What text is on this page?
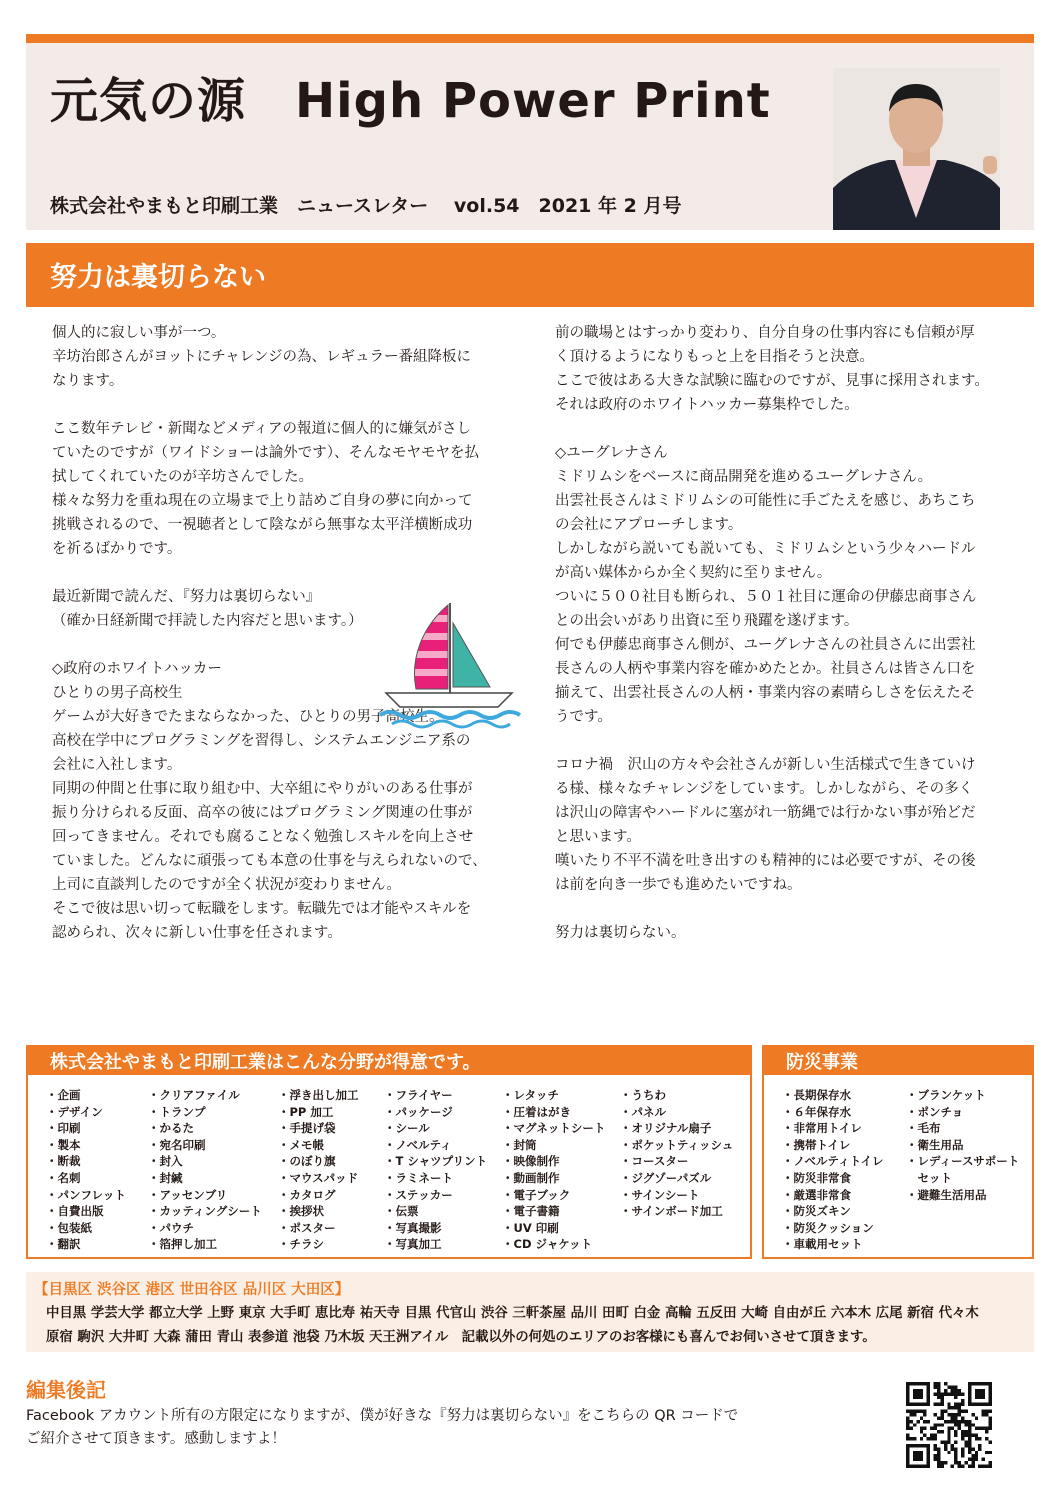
元気の源　High Power Print
株式会社やまもと印刷工業　ニュースレター　 vol.54　2021 年 2 月号
努力は裏切らない
個人的に寂しい事が一つ。
辛坊治郎さんがヨットにチャレンジの為、レギュラー番組降板に
なります。
ここ数年テレビ・新聞などメディアの報道に個人的に嫌気がさし
ていたのですが（ワイドショーは論外です）、そんなモヤモヤを払
拭してくれていたのが辛坊さんでした。
様々な努力を重ね現在の立場まで上り詰めご自身の夢に向かって
挑戦されるので、一視聴者として陰ながら無事な太平洋横断成功
を祈るばかりです。
最近新聞で読んだ、『努力は裏切らない』
（確か日経新聞で拝読した内容だと思います。）
◇政府のホワイトハッカー
ひとりの男子高校生
ゲームが大好きでたまならなかった、ひとりの男子高校生。
高校在学中にプログラミングを習得し、システムエンジニア系の
会社に入社します。
同期の仲間と仕事に取り組む中、大卒組にやりがいのある仕事が
振り分けられる反面、高卒の彼にはプログラミング関連の仕事が
回ってきません。それでも腐ることなく勉強しスキルを向上させ
ていました。どんなに頑張っても本意の仕事を与えられないので、
上司に直談判したのですが全く状況が変わりません。
そこで彼は思い切って転職をします。転職先では才能やスキルを
認められ、次々に新しい仕事を任されます。
前の職場とはすっかり変わり、自分自身の仕事内容にも信頼が厚
く頂けるようになりもっと上を目指そうと決意。
ここで彼はある大きな試験に臨むのですが、見事に採用されます。
それは政府のホワイトハッカー募集枠でした。
◇ユーグレナさん
ミドリムシをベースに商品開発を進めるユーグレナさん。
出雲社長さんはミドリムシの可能性に手ごたえを感じ、あちこち
の会社にアプローチします。
しかしながら説いても説いても、ミドリムシという少々ハードル
が高い媒体からか全く契約に至りません。
ついに５００社目も断られ、５０１社目に運命の伊藤忠商事さん
との出会いがあり出資に至り飛躍を遂げます。
何でも伊藤忠商事さん側が、ユーグレナさんの社員さんに出雲社
長さんの人柄や事業内容を確かめたとか。社員さんは皆さん口を
揃えて、出雲社長さんの人柄・事業内容の素晴らしさを伝えたそ
うです。
コロナ禍　沢山の方々や会社さんが新しい生活様式で生きていけ
る様、様々なチャレンジをしています。しかしながら、その多く
は沢山の障害やハードルに塞がれ一筋縄では行かない事が殆どだ
と思います。
嘆いたり不平不満を吐き出すのも精神的には必要ですが、その後
は前を向き一歩でも進めたいですね。
努力は裏切らない。
株式会社やまもと印刷工業はこんな分野が得意です。
・企画
・デザイン
・印刷
・製本
・断裁
・名刺
・パンフレット
・自費出版
・包装紙
・翻訳
・クリアファイル
・トランプ
・かるた
・宛名印刷
・封入
・封緘
・アッセンブリ
・カッティングシート
・パウチ
・箔押し加工
・浮き出し加工
・PP 加工
・手提げ袋
・メモ帳
・のぼり旗
・マウスパッド
・カタログ
・挨拶状
・ポスター
・チラシ
・フライヤー
・パッケージ
・シール
・ノベルティ
・T シャツプリント
・ラミネート
・ステッカー
・伝票
・写真撮影
・写真加工
・レタッチ
・圧着はがき
・マグネットシート
・封筒
・映像制作
・動画制作
・電子ブック
・電子書籍
・UV 印刷
・CD ジャケット
・うちわ
・パネル
・オリジナル扇子
・ポケットティッシュ
・コースター
・ジグゾーパズル
・サインシート
・サインボード加工
防災事業
・長期保存水
・６年保存水
・非常用トイレ
・携帯トイレ
・ノベルティトイレ
・防災非常食
・厳選非常食
・防災ズキン
・防災クッション
・車載用セット
・ブランケット
・ポンチョ
・毛布
・衛生用品
・レディースサポート
　セット
・避難生活用品
【目黒区 渋谷区 港区 世田谷区 品川区 大田区】
中目黒 学芸大学 都立大学 上野 東京 大手町 恵比寿 祐天寺 目黒 代官山 渋谷 三軒茶屋 品川 田町 白金 高輪 五反田 大崎 自由が丘 六本木 広尾 新宿 代々木
原宿 駒沢 大井町 大森 蒲田 青山 表参道 池袋 乃木坂 天王洲アイル　記載以外の何処のエリアのお客様にも喜んでお伺いさせて頂きます。
編集後記
Facebook アカウント所有の方限定になりますが、僕が好きな『努力は裏切らない』をこちらの QR コードで
ご紹介させて頂きます。感動しますよ！
